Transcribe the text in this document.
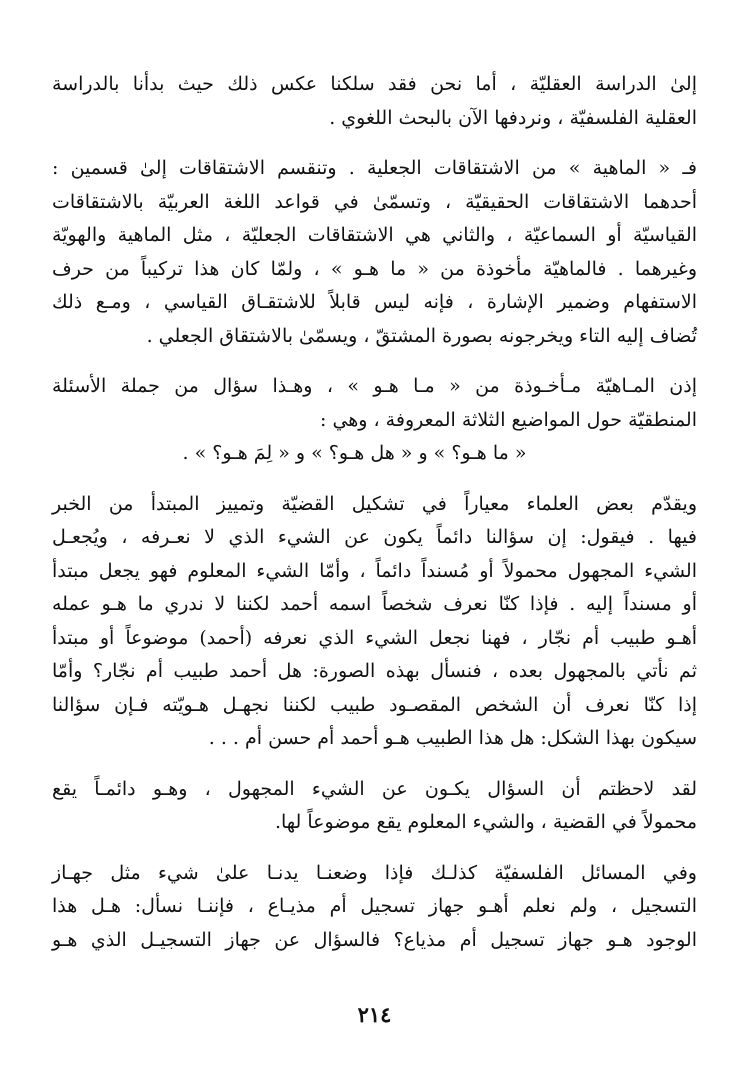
إلىٰ الدراسة العقليّة ، أما نحن فقد سلكنا عكس ذلك حيث بدأنا بالدراسة
العقلية الفلسفيّة ، ونردفها الآن بالبحث اللغوي .

فـ « الماهية » من الاشتقاقات الجعلية . وتنقسم الاشتقاقات إلىٰ قسمين :
أحدهما الاشتقاقات الحقيقيّة ، وتسمّىٰ في قواعد اللغة العربيّة بالاشتقاقات
القياسيّة أو السماعيّة ، والثاني هي الاشتقاقات الجعليّة ، مثل الماهية والهويّة
وغيرهما . فالماهيّة مأخوذة من « ما هـو » ، ولمّا كان هذا تركيباً من حرف
الاستفهام وضمير الإشارة ، فإنه ليس قابلاً للاشتقـاق القياسي ، ومـع ذلك
تُضاف إليه التاء ويخرجونه بصورة المشتقّ ، ويسمّىٰ بالاشتقاق الجعلي .

إذن المـاهيّة مـأخـوذة من « مـا هـو » ، وهـذا سؤال من جملة الأسئلة
المنطقيّة حول المواضيع الثلاثة المعروفة ، وهي :
« ما هـو؟ » و « هل هـو؟ » و « لِمَ هـو؟ » .

ويقدّم بعض العلماء معياراً في تشكيل القضيّة وتمييز المبتدأ من الخبر
فيها . فيقول: إن سؤالنا دائماً يكون عن الشيء الذي لا نعـرفه ، ويُجعـل
الشيء المجهول محمولاً أو مُسنداً دائماً ، وأمّا الشيء المعلوم فهو يجعل مبتدأ
أو مسنداً إليه . فإذا كنّا نعرف شخصاً اسمه أحمد لكننا لا ندري ما هـو عمله
أهـو طبيب أم نجّار ، فهنا نجعل الشيء الذي نعرفه (أحمد) موضوعاً أو مبتدأ
ثم نأتي بالمجهول بعده ، فنسأل بهذه الصورة: هل أحمد طبيب أم نجّار؟ وأمّا
إذا كنّا نعرف أن الشخص المقصـود طبيب لكننا نجهـل هـويّته فـإن سؤالنا
سيكون بهذا الشكل: هل هذا الطبيب هـو أحمد أم حسن أم . . .

لقد لاحظتم أن السؤال يكـون عن الشيء المجهول ، وهـو دائمـاً يقع
محمولاً في القضية ، والشيء المعلوم يقع موضوعاً لها.

وفي المسائل الفلسفيّة كذلـك فإذا وضعنـا يدنـا علىٰ شيء مثل جهـاز
التسجيل ، ولم نعلم أهـو جهاز تسجيل أم مذيـاع ، فإننـا نسأل: هـل هذا
الوجود هـو جهاز تسجيل أم مذياع؟ فالسؤال عن جهاز التسجيـل الذي هـو

٢١٤
